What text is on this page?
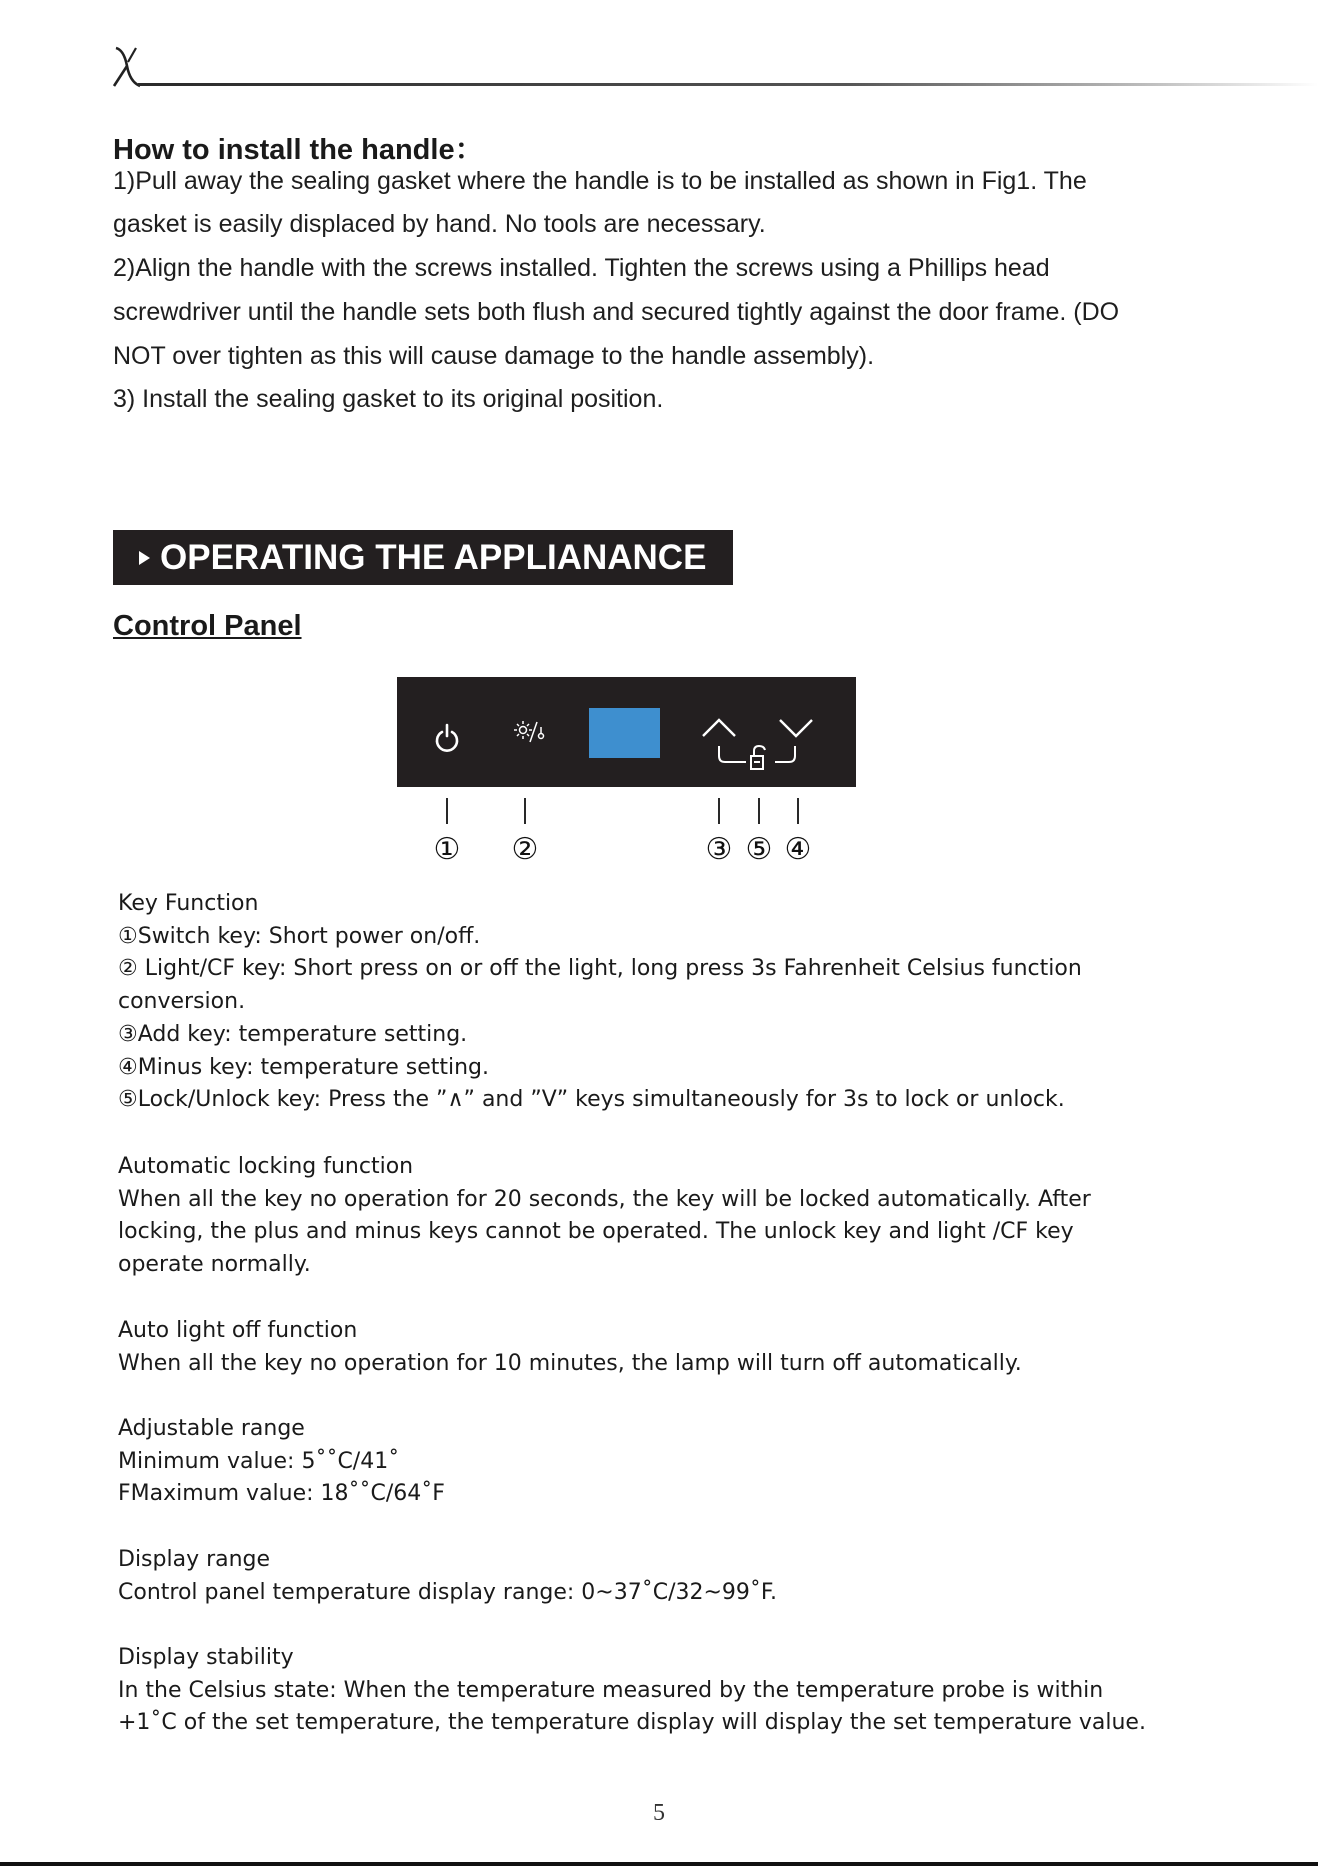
How to install the handle：
1)Pull away the sealing gasket where the handle is to be installed as shown in Fig1. The
gasket is easily displaced by hand. No tools are necessary.
2)Align the handle with the screws installed. Tighten the screws using a Phillips head
screwdriver until the handle sets both flush and secured tightly against the door frame. (DO
NOT over tighten as this will cause damage to the handle assembly).
3) Install the sealing gasket to its original position.
OPERATING THE APPLIANANCE
Control Panel
① ②	③ ⑤ ④
Key Function
①Switch key: Short power on/off.
② Light/CF key: Short press on or off the light, long press 3s Fahrenheit Celsius function
conversion.
③Add key: temperature setting.
④Minus key: temperature setting.
⑤Lock/Unlock key: Press the ”∧” and ”V” keys simultaneously for 3s to lock or unlock.
Automatic locking function
When all the key no operation for 20 seconds, the key will be locked automatically. After
locking, the plus and minus keys cannot be operated. The unlock key and light /CF key
operate normally.
Auto light off function
When all the key no operation for 10 minutes, the lamp will turn off automatically.
Adjustable range
Minimum value: 5˚˚C/41˚
FMaximum value: 18˚˚C/64˚F
Display range
Control panel temperature display range: 0~37˚C/32~99˚F.
Display stability
In the Celsius state: When the temperature measured by the temperature probe is within
+1˚C of the set temperature, the temperature display will display the set temperature value.
5
